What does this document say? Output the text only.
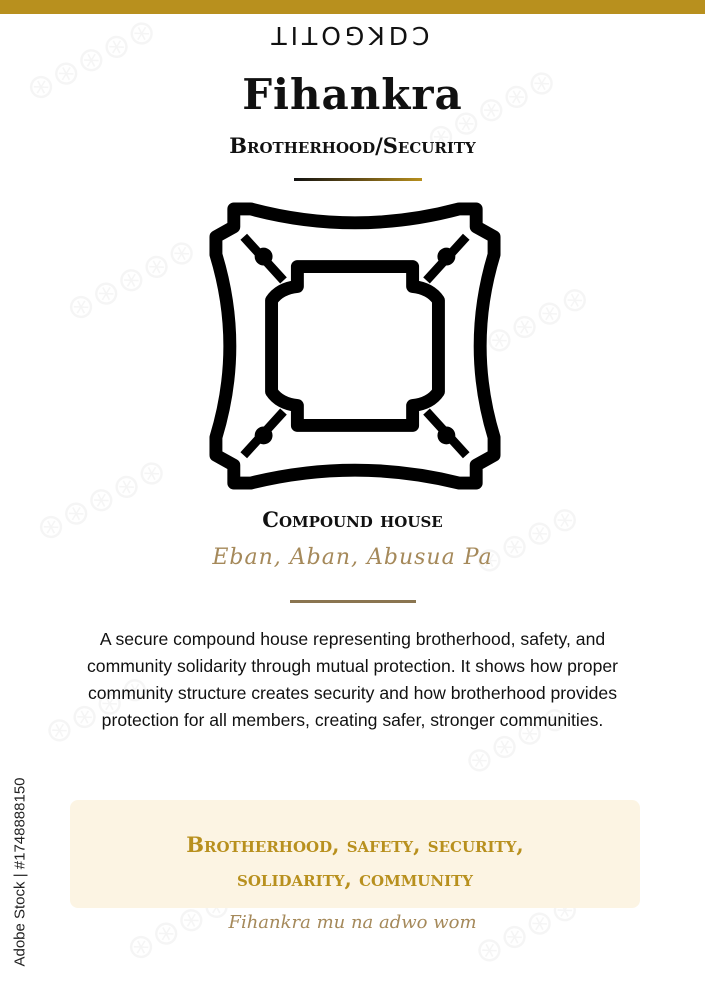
ꓕꓲꓕꓳꓨꓘꓓꓛ
Fihankra
Brotherhood/Security
Compound house
Eban, Aban, Abusua Pa
A secure compound house representing brotherhood, safety, and community solidarity through mutual protection. It shows how proper community structure creates security and how brotherhood provides protection for all members, creating safer, stronger communities.
Brotherhood, safety, security,
solidarity, community
Fihankra mu na adwo wom
Adobe Stock | #1748888150
